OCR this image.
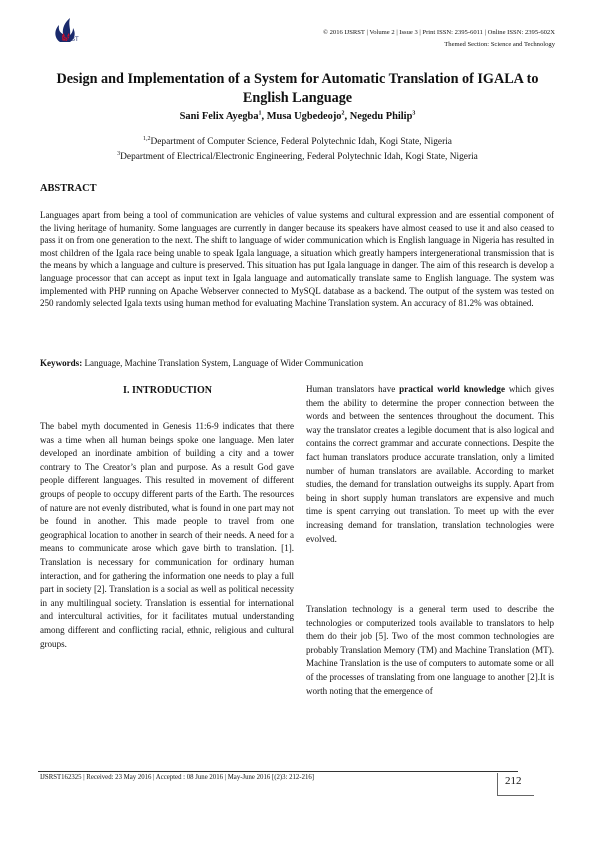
IJSRST
© 2016 IJSRST | Volume 2 | Issue 3 | Print ISSN: 2395-6011 | Online ISSN: 2395-602X
Themed Section: Science and Technology
Design and Implementation of a System for Automatic Translation of IGALA to English Language
Sani Felix Ayegba$^1$, Musa Ugbedeojo$^2$, Negedu Philip$^3$
$^{1,2}$Department of Computer Science, Federal Polytechnic Idah, Kogi State, Nigeria
$^3$Department of Electrical/Electronic Engineering, Federal Polytechnic Idah, Kogi State, Nigeria
ABSTRACT
Languages apart from being a tool of communication are vehicles of value systems and cultural expression and are essential component of the living heritage of humanity. Some languages are currently in danger because its speakers have almost ceased to use it and also ceased to pass it on from one generation to the next. The shift to language of wider communication which is English language in Nigeria has resulted in most children of the Igala race being unable to speak Igala language, a situation which greatly hampers intergenerational transmission that is the means by which a language and culture is preserved. This situation has put Igala language in danger. The aim of this research is develop a language processor that can accept as input text in Igala language and automatically translate same to English language. The system was implemented with PHP running on Apache Webserver connected to MySQL database as a backend. The output of the system was tested on 250 randomly selected Igala texts using human method for evaluating Machine Translation system. An accuracy of 81.2% was obtained.
Keywords: Language, Machine Translation System, Language of Wider Communication
I. INTRODUCTION

The babel myth documented in Genesis 11:6-9 indicates that there was a time when all human beings spoke one language. Men later developed an inordinate ambition of building a city and a tower contrary to The Creator’s plan and purpose. As a result God gave people different languages. This resulted in movement of different groups of people to occupy different parts of the Earth. The resources of nature are not evenly distributed, what is found in one part may not be found in another. This made people to travel from one geographical location to another in search of their needs. A need for a means to communicate arose which gave birth to translation. [1]. Translation is necessary for communication for ordinary human interaction, and for gathering the information one needs to play a full part in society [2]. Translation is a social as well as political necessity in any multilingual society. Translation is essential for international and intercultural activities, for it facilitates mutual understanding among different and conflicting racial, ethnic, religious and cultural groups.

Human translators have practical world knowledge which gives them the ability to determine the proper connection between the words and between the sentences throughout the document. This way the translator creates a legible document that is also logical and contains the correct grammar and accurate connections. Despite the fact human translators produce accurate translation, only a limited number of human translators are available. According to market studies, the demand for translation outweighs its supply. Apart from being in short supply human translators are expensive and much time is spent carrying out translation. To meet up with the ever increasing demand for translation, translation technologies were evolved.

Translation technology is a general term used to describe the technologies or computerized tools available to translators to help them do their job [5]. Two of the most common technologies are probably Translation Memory (TM) and Machine Translation (MT). Machine Translation is the use of computers to automate some or all of the processes of translating from one language to another [2].It is worth noting that the emergence of

IJSRST162325 | Received: 23 May 2016 | Accepted : 08 June 2016 | May-June 2016 [(2)3: 212-216]	212
